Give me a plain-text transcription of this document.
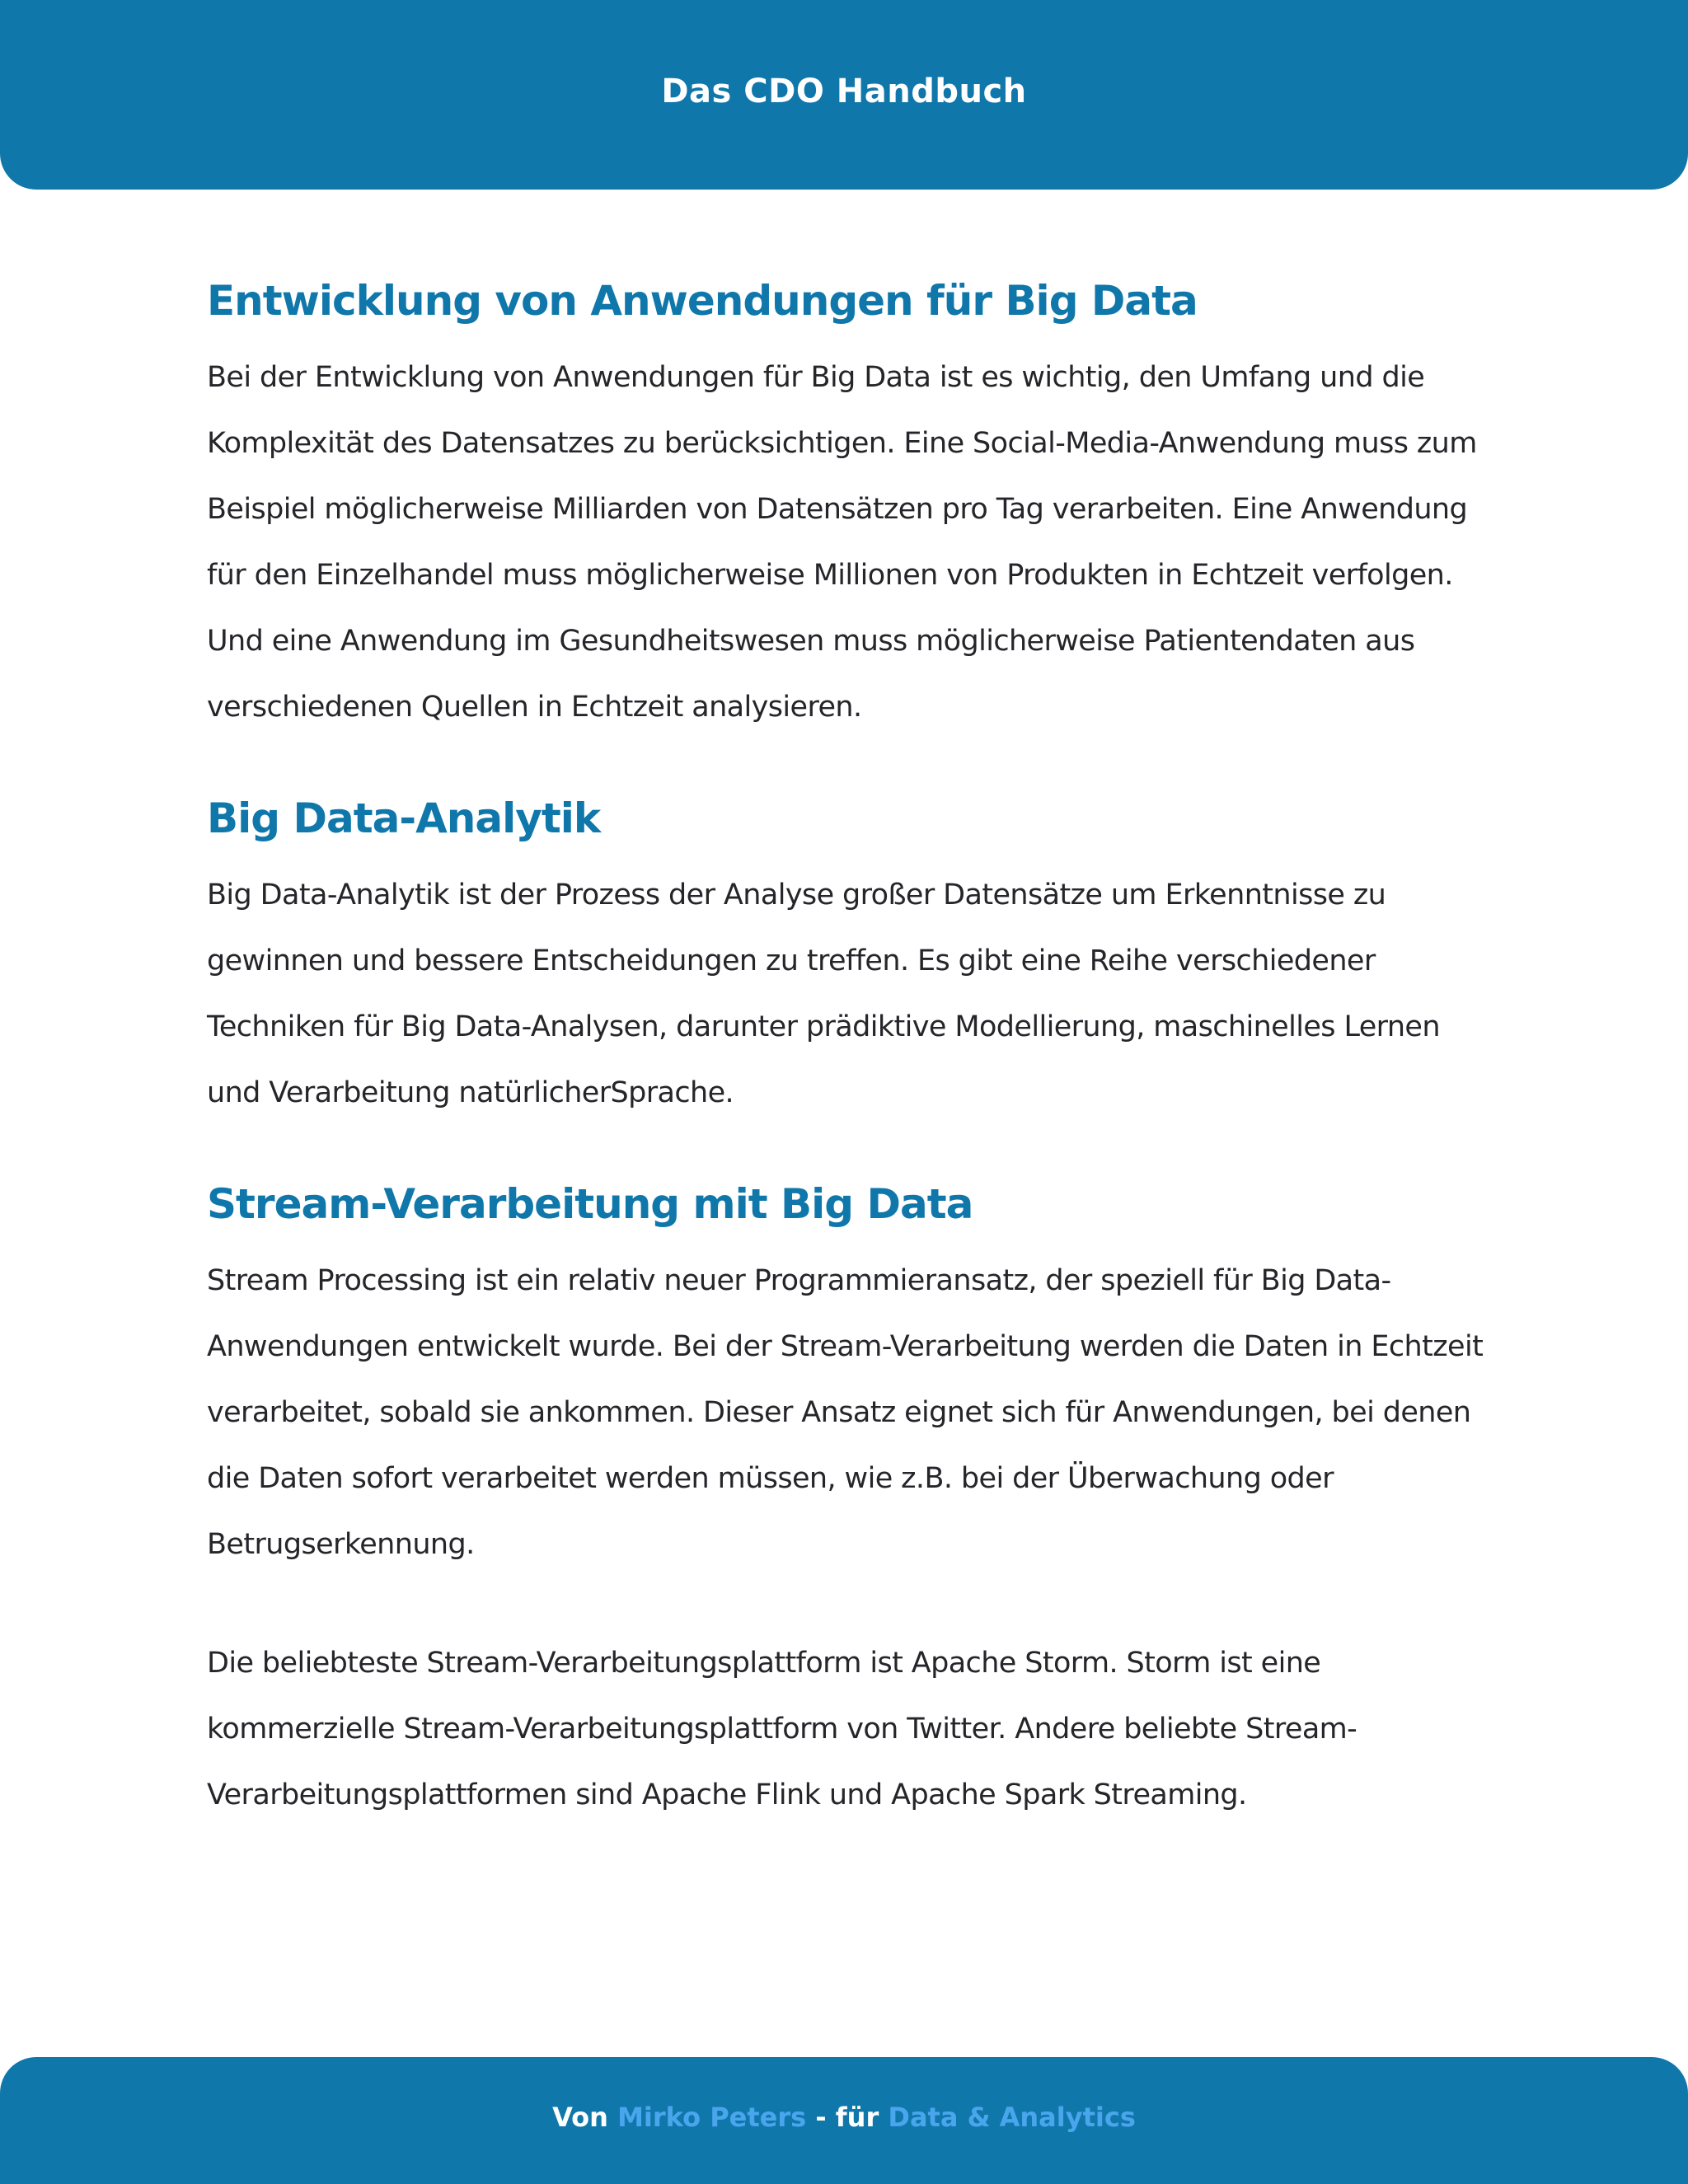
Das CDO Handbuch
Entwicklung von Anwendungen für Big Data

Bei der Entwicklung von Anwendungen für Big Data ist es wichtig, den Umfang und die Komplexität des Datensatzes zu berücksichtigen. Eine Social-Media-Anwendung muss zum Beispiel möglicherweise Milliarden von Datensätzen pro Tag verarbeiten. Eine Anwendung für den Einzelhandel muss möglicherweise Millionen von Produkten in Echtzeit verfolgen. Und eine Anwendung im Gesundheitswesen muss möglicherweise Patientendaten aus verschiedenen Quellen in Echtzeit analysieren.

Big Data-Analytik

Big Data-Analytik ist der Prozess der Analyse großer Datensätze um Erkenntnisse zu gewinnen und bessere Entscheidungen zu treffen. Es gibt eine Reihe verschiedener Techniken für Big Data-Analysen, darunter prädiktive Modellierung, maschinelles Lernen und Verarbeitung natürlicherSprache.

Stream-Verarbeitung mit Big Data

Stream Processing ist ein relativ neuer Programmieransatz, der speziell für Big Data-Anwendungen entwickelt wurde. Bei der Stream-Verarbeitung werden die Daten in Echtzeit verarbeitet, sobald sie ankommen. Dieser Ansatz eignet sich für Anwendungen, bei denen die Daten sofort verarbeitet werden müssen, wie z.B. bei der Überwachung oder Betrugserkennung.

Die beliebteste Stream-Verarbeitungsplattform ist Apache Storm. Storm ist eine kommerzielle Stream-Verarbeitungsplattform von Twitter. Andere beliebte Stream-Verarbeitungsplattformen sind Apache Flink und Apache Spark Streaming.

Von Mirko Peters - für Data & Analytics
